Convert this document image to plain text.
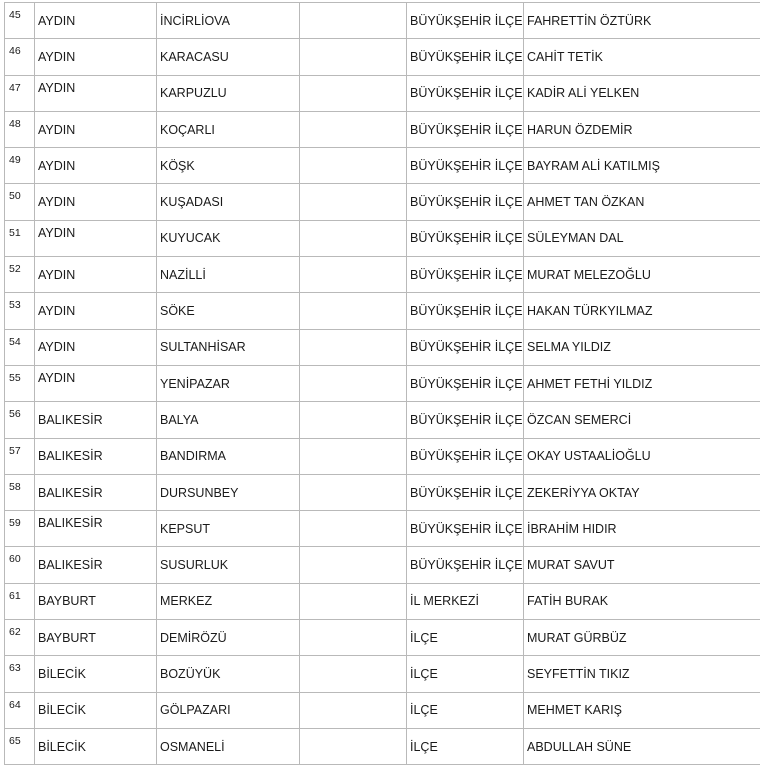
45	AYDIN	İNCİRLİOVA		BÜYÜKŞEHİR İLÇE	FAHRETTİN ÖZTÜRK
46	AYDIN	KARACASU		BÜYÜKŞEHİR İLÇE	CAHİT TETİK
47	AYDIN	KARPUZLU		BÜYÜKŞEHİR İLÇE	KADİR ALİ YELKEN
48	AYDIN	KOÇARLI		BÜYÜKŞEHİR İLÇE	HARUN ÖZDEMİR
49	AYDIN	KÖŞK		BÜYÜKŞEHİR İLÇE	BAYRAM ALİ KATILMIŞ
50	AYDIN	KUŞADASI		BÜYÜKŞEHİR İLÇE	AHMET TAN ÖZKAN
51	AYDIN	KUYUCAK		BÜYÜKŞEHİR İLÇE	SÜLEYMAN DAL
52	AYDIN	NAZİLLİ		BÜYÜKŞEHİR İLÇE	MURAT MELEZOĞLU
53	AYDIN	SÖKE		BÜYÜKŞEHİR İLÇE	HAKAN TÜRKYILMAZ
54	AYDIN	SULTANHİSAR		BÜYÜKŞEHİR İLÇE	SELMA YILDIZ
55	AYDIN	YENİPAZAR		BÜYÜKŞEHİR İLÇE	AHMET FETHİ YILDIZ
56	BALIKESİR	BALYA		BÜYÜKŞEHİR İLÇE	ÖZCAN SEMERCİ
57	BALIKESİR	BANDIRMA		BÜYÜKŞEHİR İLÇE	OKAY USTAALİOĞLU
58	BALIKESİR	DURSUNBEY		BÜYÜKŞEHİR İLÇE	ZEKERİYYA OKTAY
59	BALIKESİR	KEPSUT		BÜYÜKŞEHİR İLÇE	İBRAHİM HIDIR
60	BALIKESİR	SUSURLUK		BÜYÜKŞEHİR İLÇE	MURAT SAVUT
61	BAYBURT	MERKEZ		İL MERKEZİ	FATİH BURAK
62	BAYBURT	DEMİRÖZÜ		İLÇE	MURAT GÜRBÜZ
63	BİLECİK	BOZÜYÜK		İLÇE	SEYFETTİN TIKIZ
64	BİLECİK	GÖLPAZARI		İLÇE	MEHMET KARIŞ
65	BİLECİK	OSMANELİ		İLÇE	ABDULLAH SÜNE
